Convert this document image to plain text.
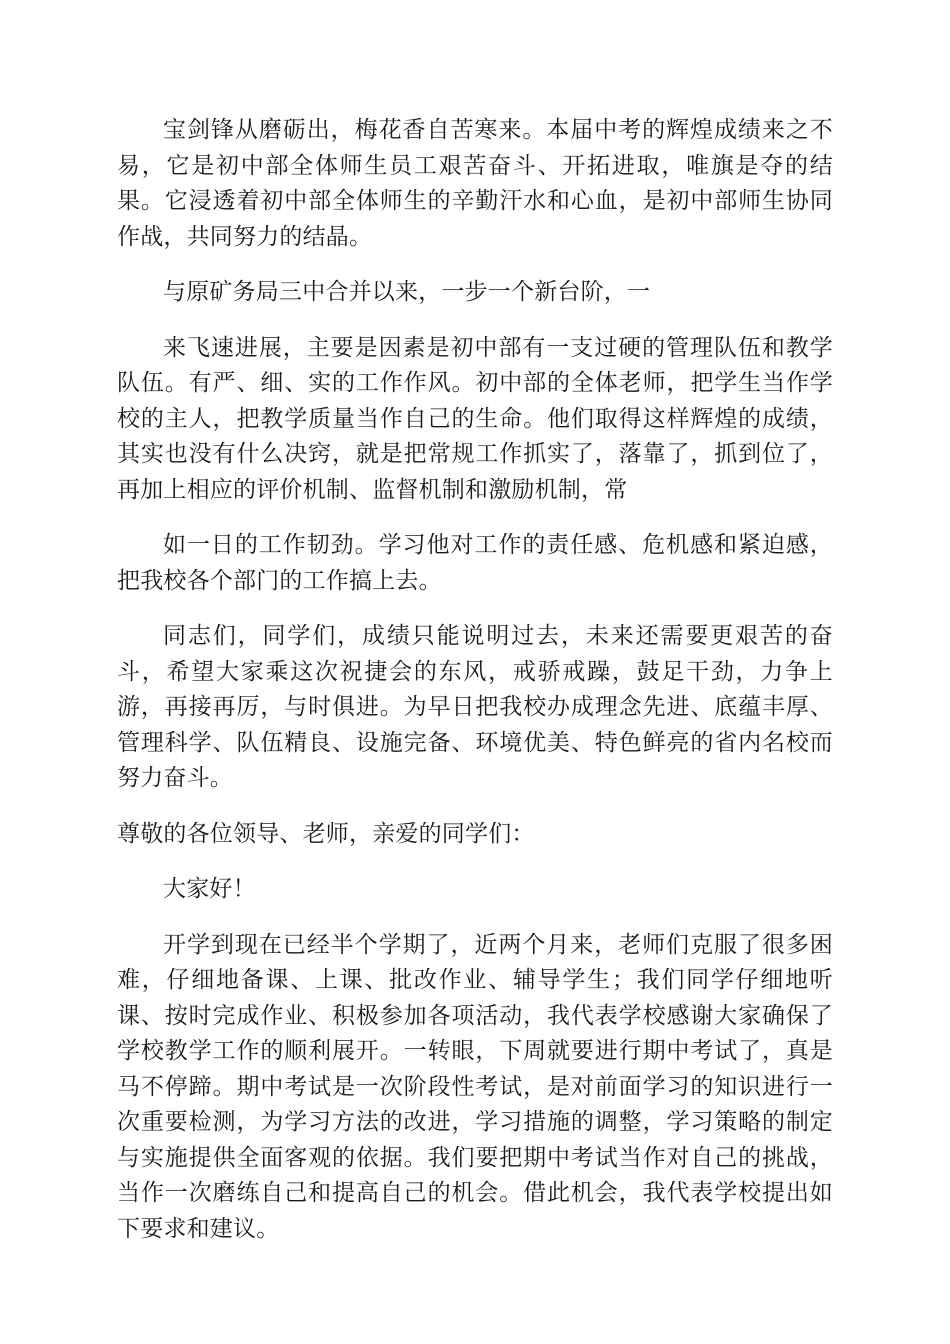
宝剑锋从磨砺出，梅花香自苦寒来。本届中考的辉煌成绩来之不易，它是初中部全体师生员工艰苦奋斗、开拓进取，唯旗是夺的结果。它浸透着初中部全体师生的辛勤汗水和心血，是初中部师生协同作战，共同努力的结晶。

与原矿务局三中合并以来，一步一个新台阶，一

来飞速进展，主要是因素是初中部有一支过硬的管理队伍和教学队伍。有严、细、实的工作作风。初中部的全体老师，把学生当作学校的主人，把教学质量当作自己的生命。他们取得这样辉煌的成绩，其实也没有什么决窍，就是把常规工作抓实了，落靠了，抓到位了，再加上相应的评价机制、监督机制和激励机制，常

如一日的工作韧劲。学习他对工作的责任感、危机感和紧迫感，把我校各个部门的工作搞上去。

同志们，同学们，成绩只能说明过去，未来还需要更艰苦的奋斗，希望大家乘这次祝捷会的东风，戒骄戒躁，鼓足干劲，力争上游，再接再厉，与时俱进。为早日把我校办成理念先进、底蕴丰厚、管理科学、队伍精良、设施完备、环境优美、特色鲜亮的省内名校而努力奋斗。

尊敬的各位领导、老师，亲爱的同学们：

大家好！

开学到现在已经半个学期了，近两个月来，老师们克服了很多困难，仔细地备课、上课、批改作业、辅导学生；我们同学仔细地听课、按时完成作业、积极参加各项活动，我代表学校感谢大家确保了学校教学工作的顺利展开。一转眼，下周就要进行期中考试了，真是马不停蹄。期中考试是一次阶段性考试，是对前面学习的知识进行一次重要检测，为学习方法的改进，学习措施的调整，学习策略的制定与实施提供全面客观的依据。我们要把期中考试当作对自己的挑战，当作一次磨练自己和提高自己的机会。借此机会，我代表学校提出如下要求和建议。
